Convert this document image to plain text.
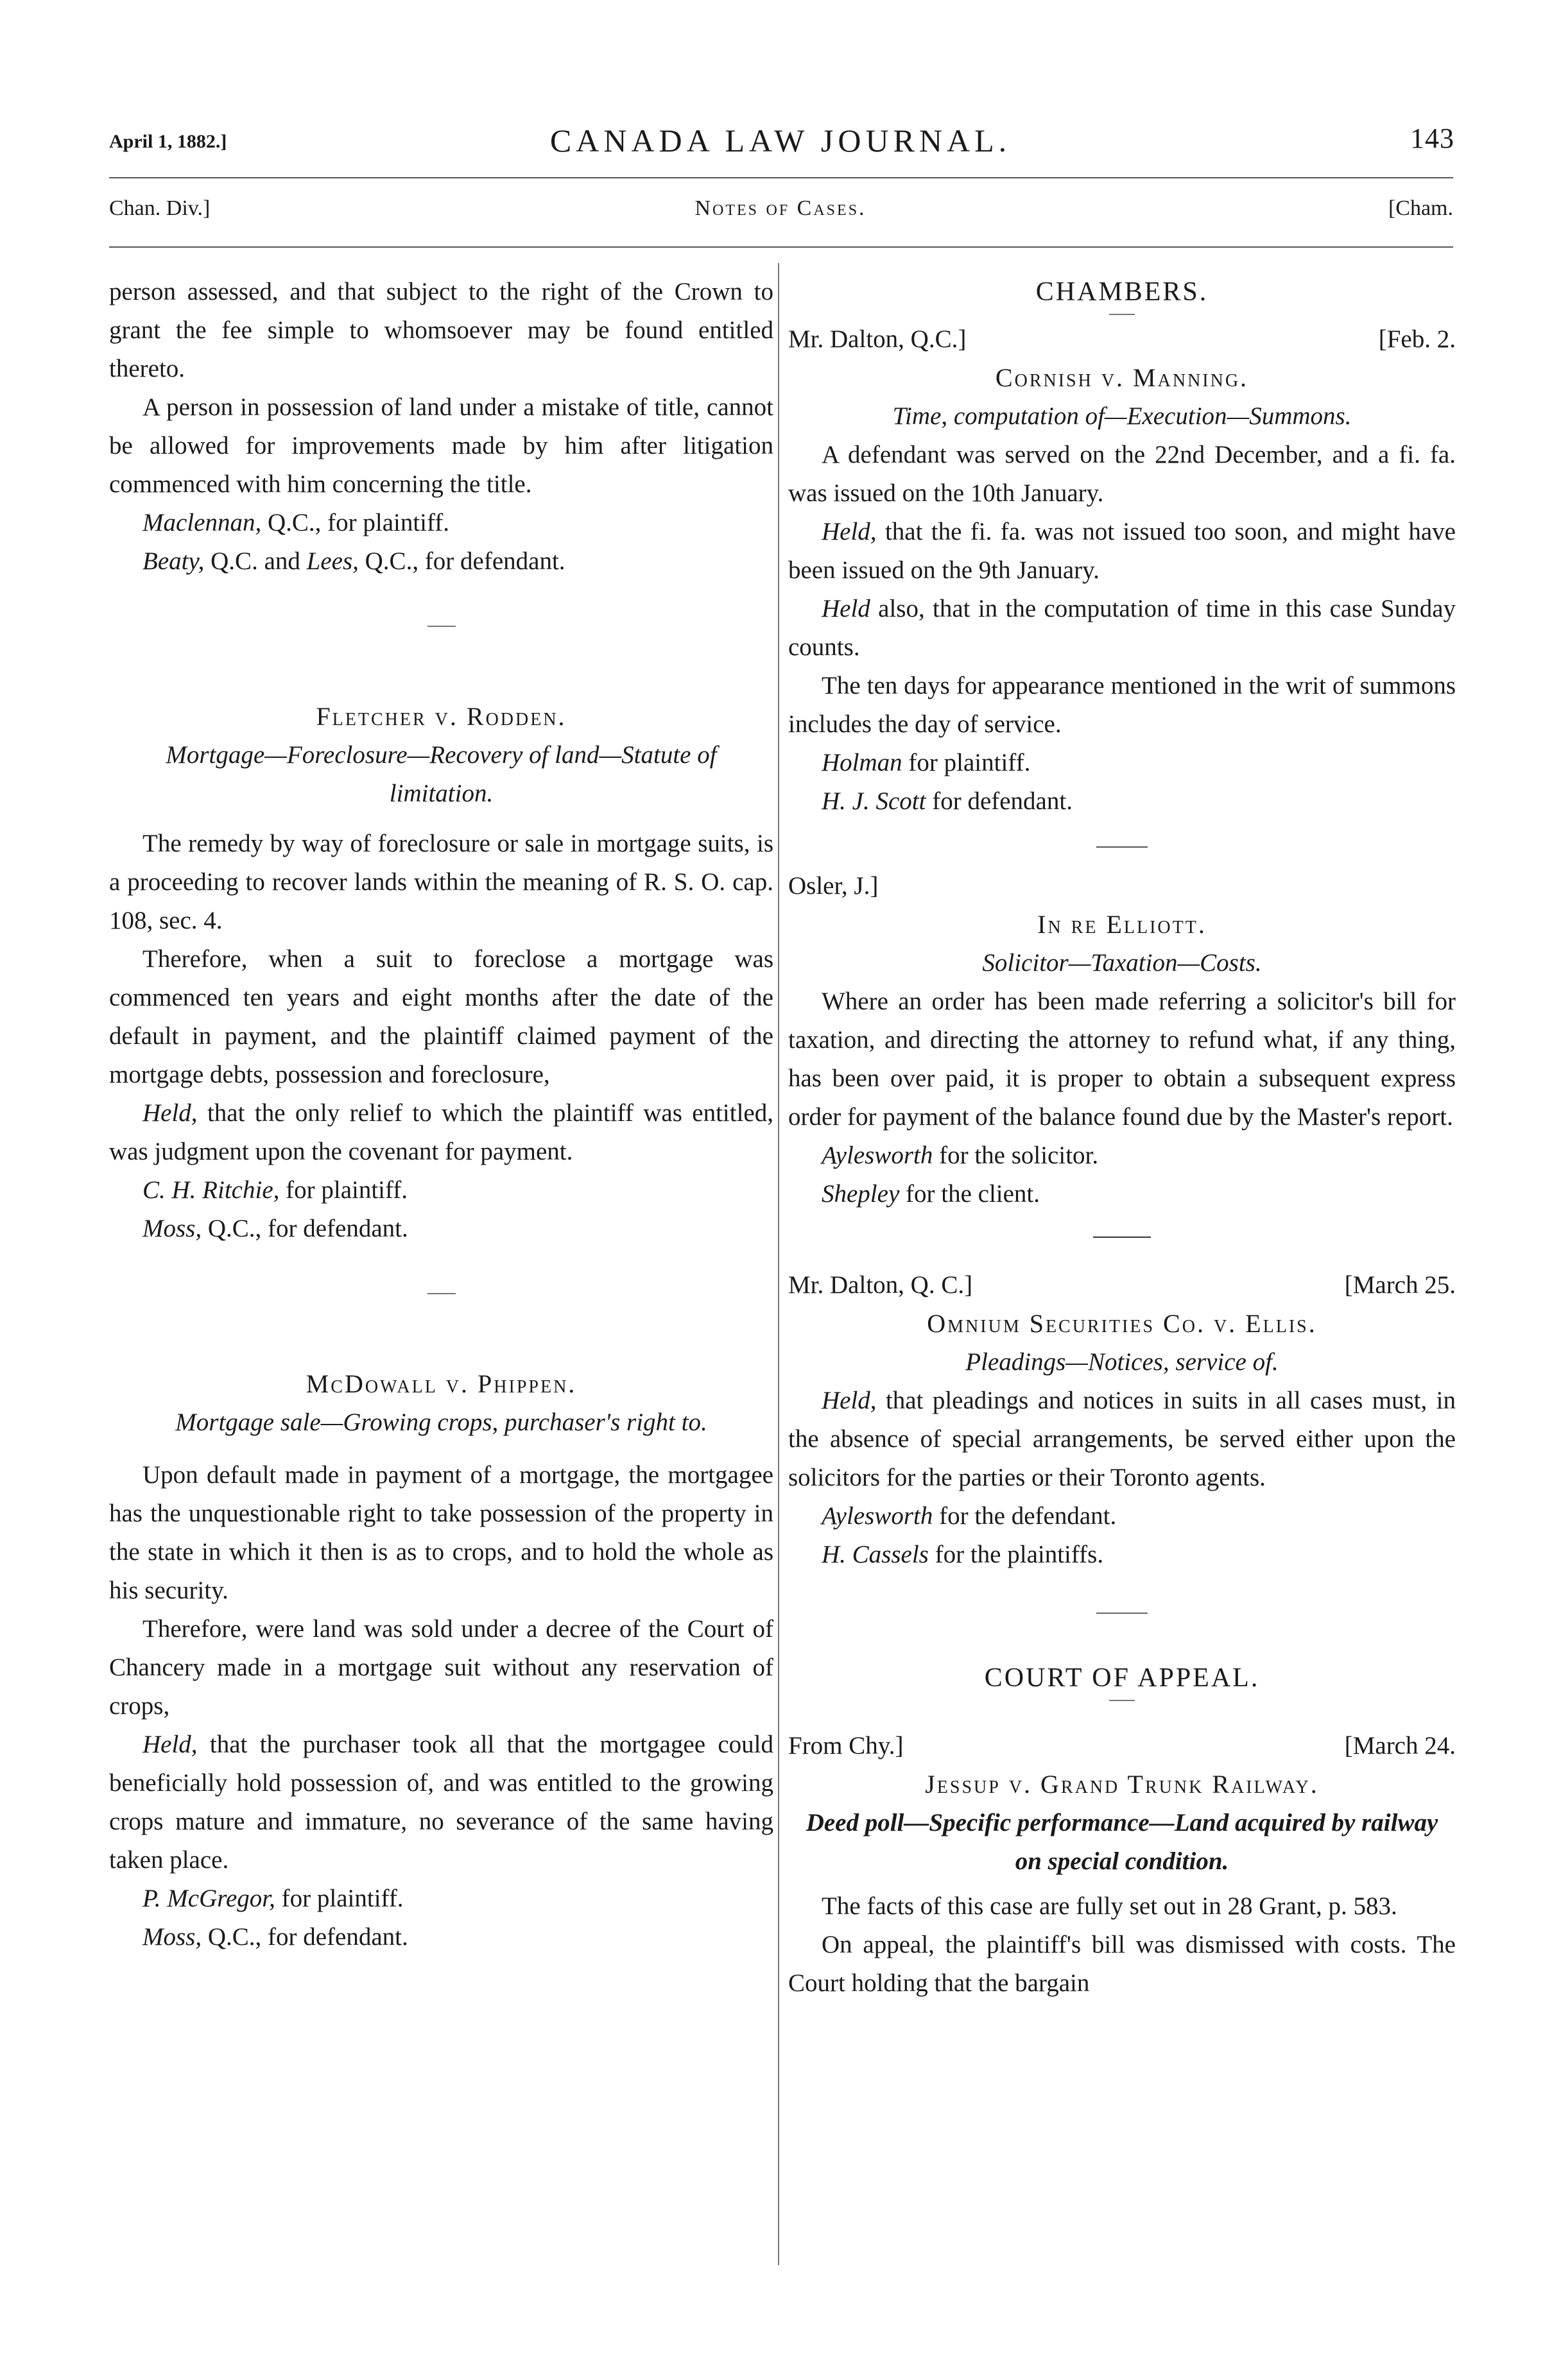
April 1, 1882.]	CANADA LAW JOURNAL.	143
Chan. Div.]	Notes of Cases.	[Cham.

person assessed, and that subject to the right of the Crown to grant the fee simple to whomsoever may be found entitled thereto.

A person in possession of land under a mistake of title, cannot be allowed for improvements made by him after litigation commenced with him concerning the title.

Maclennan, Q.C., for plaintiff.

Beaty, Q.C. and Lees, Q.C., for defendant.

Fletcher v. Rodden.

Mortgage—Foreclosure—Recovery of land—Statute of limitation.

The remedy by way of foreclosure or sale in mortgage suits, is a proceeding to recover lands within the meaning of R. S. O. cap. 108, sec. 4.

Therefore, when a suit to foreclose a mortgage was commenced ten years and eight months after the date of the default in payment, and the plaintiff claimed payment of the mortgage debts, possession and foreclosure,

Held, that the only relief to which the plaintiff was entitled, was judgment upon the covenant for payment.

C. H. Ritchie, for plaintiff.

Moss, Q.C., for defendant.

McDowall v. Phippen.

Mortgage sale—Growing crops, purchaser's right to.

Upon default made in payment of a mortgage, the mortgagee has the unquestionable right to take possession of the property in the state in which it then is as to crops, and to hold the whole as his security.

Therefore, were land was sold under a decree of the Court of Chancery made in a mortgage suit without any reservation of crops,

Held, that the purchaser took all that the mortgagee could beneficially hold possession of, and was entitled to the growing crops mature and immature, no severance of the same having taken place.

P. McGregor, for plaintiff.

Moss, Q.C., for defendant.

CHAMBERS.
Mr. Dalton, Q.C.]	[Feb. 2.
Cornish v. Manning.

Time, computation of—Execution—Summons.

A defendant was served on the 22nd December, and a fi. fa. was issued on the 10th January.

Held, that the fi. fa. was not issued too soon, and might have been issued on the 9th January.

Held also, that in the computation of time in this case Sunday counts.

The ten days for appearance mentioned in the writ of summons includes the day of service.

Holman for plaintiff.

H. J. Scott for defendant.

Osler, J.]
In re Elliott.

Solicitor—Taxation—Costs.

Where an order has been made referring a solicitor's bill for taxation, and directing the attorney to refund what, if any thing, has been over paid, it is proper to obtain a subsequent express order for payment of the balance found due by the Master's report.

Aylesworth for the solicitor.

Shepley for the client.

Mr. Dalton, Q. C.]	[March 25.
Omnium Securities Co. v. Ellis.

Pleadings—Notices, service of.

Held, that pleadings and notices in suits in all cases must, in the absence of special arrangements, be served either upon the solicitors for the parties or their Toronto agents.

Aylesworth for the defendant.

H. Cassels for the plaintiffs.

COURT OF APPEAL.
From Chy.]	[March 24.
Jessup v. Grand Trunk Railway.

Deed poll—Specific performance—Land acquired by railway on special condition.

The facts of this case are fully set out in 28 Grant, p. 583.

On appeal, the plaintiff's bill was dismissed with costs. The Court holding that the bargain
